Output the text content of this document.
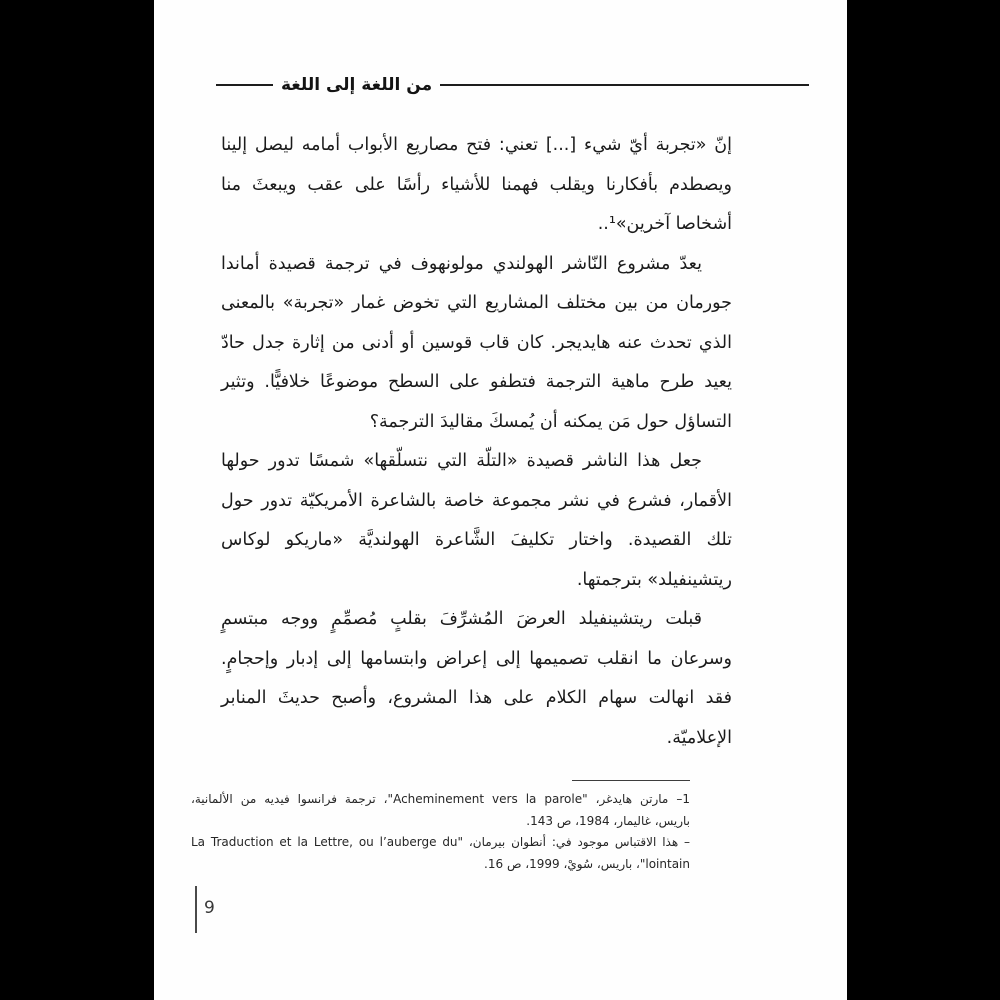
من اللغة إلى اللغة
إنّ «تجربة أيّ شيء [...] تعني: فتح مصاريع الأبواب أمامه ليصل إلينا
ويصطدم بأفكارنا ويقلب فهمنا للأشياء رأسًا على عقب ويبعثَ منا
أشخاصا آخرين»¹..
يعدّ مشروع النّاشر الهولندي مولونهوف في ترجمة قصيدة أماندا
جورمان من بين مختلف المشاريع التي تخوض غمار «تجربة» بالمعنى
الذي تحدث عنه هايديجر. كان قاب قوسين أو أدنى من إثارة جدل حادّ
يعيد طرح ماهية الترجمة فتطفو على السطح موضوعًا خلافيًّا. وتثير
التساؤل حول مَن يمكنه أن يُمسكَ مقاليدَ الترجمة؟
جعل هذا الناشر قصيدة «التلّة التي نتسلّقها» شمسًا تدور حولها
الأقمار، فشرع في نشر مجموعة خاصة بالشاعرة الأمريكيّة تدور حول
تلك القصيدة. واختار تكليفَ الشَّاعرة الهولنديَّة «ماريكو لوكاس
ريتشينفيلد» بترجمتها.
قبلت ريتشينفيلد العرضَ المُشرِّفَ بقلبٍ مُصمِّمٍ ووجه مبتسمٍ
وسرعان ما انقلب تصميمها إلى إعراض وابتسامها إلى إدبار وإحجامٍ.
فقد انهالت سهام الكلام على هذا المشروع، وأصبح حديثَ المنابر
الإعلاميّة.
1– مارتن هايدغر، "Acheminement vers la parole"، ترجمة فرانسوا فيديه من الألمانية،
باريس، غاليمار، 1984، ص 143.
– هذا الاقتباس موجود في: أنطوان بيرمان، "La Traduction et la Lettre, ou l’auberge du
lointain"، باريس، سُويْ، 1999، ص 16.
9
